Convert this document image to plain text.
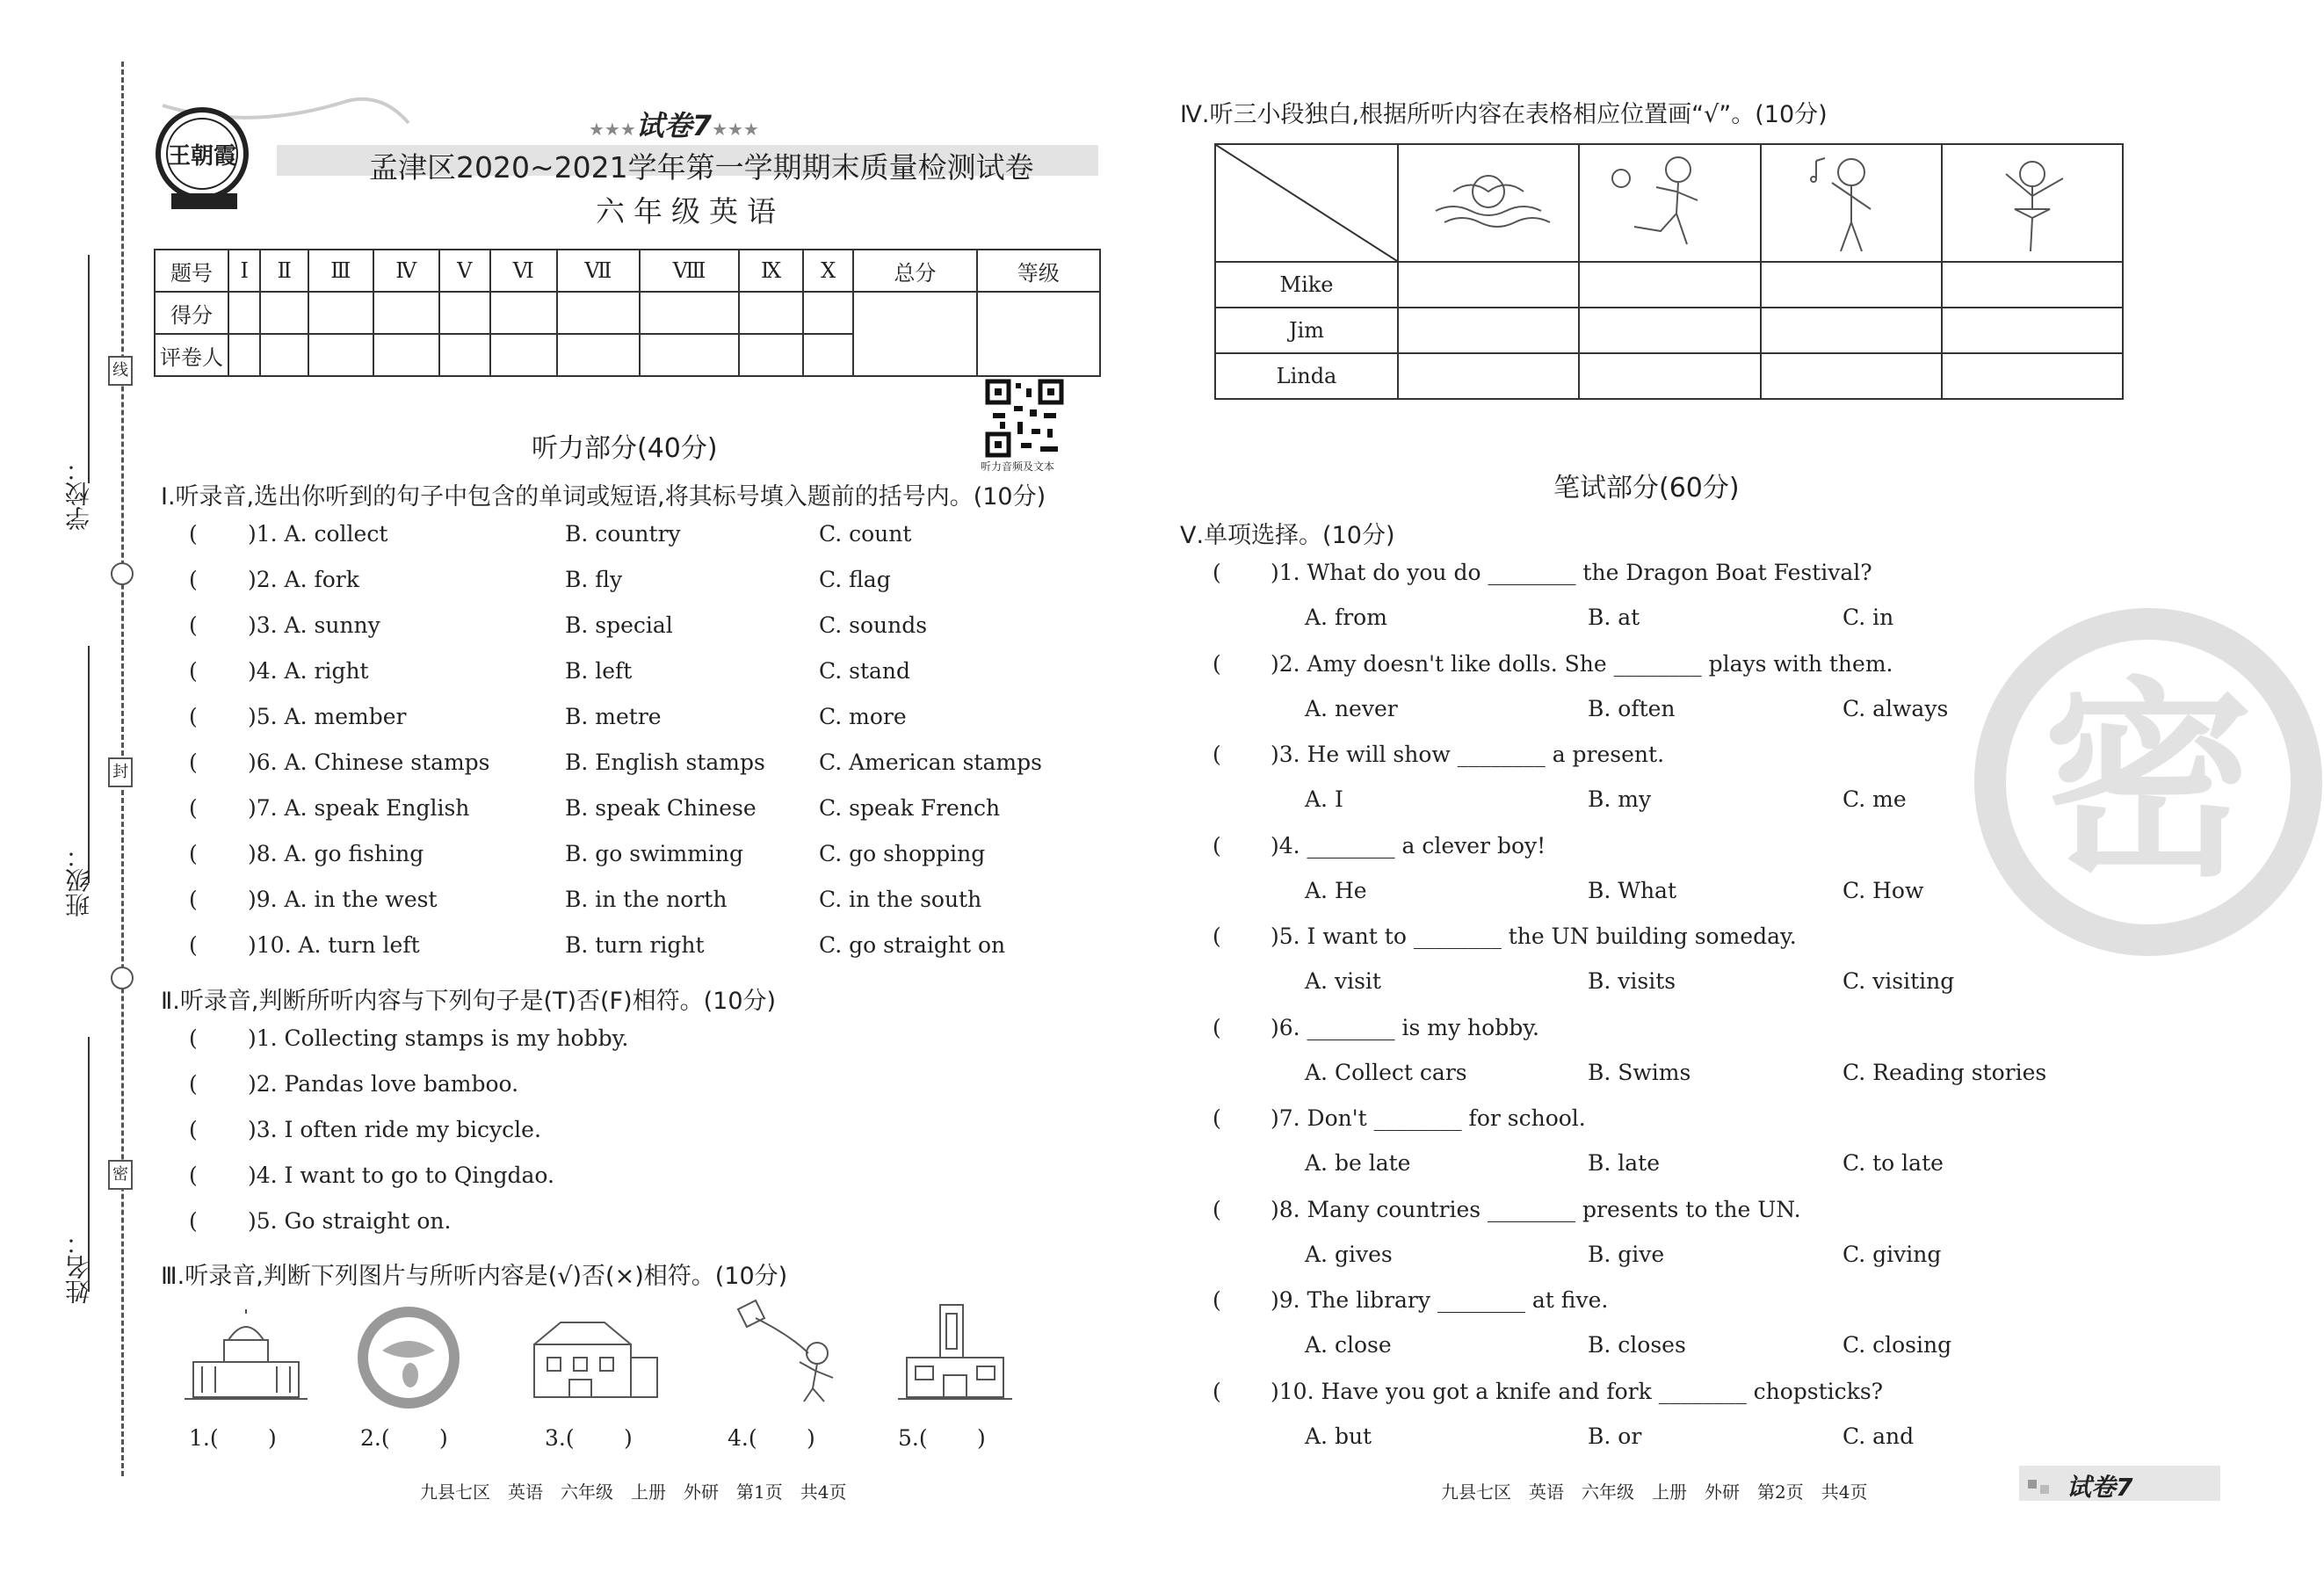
学校：
线
班级：
封
姓名：
密
王朝霞
★★★试卷7★★★
孟津区2020~2021学年第一学期期末质量检测试卷
六年级英语
题号	Ⅰ	Ⅱ	Ⅲ	Ⅳ	Ⅴ	Ⅵ	Ⅶ	Ⅷ	Ⅸ	Ⅹ	总分	等级
得分												
评卷人												
听力音频及文本
听力部分(40分)
Ⅰ.听录音,选出你听到的句子中包含的单词或短语,将其标号填入题前的括号内。(10分)
( )1. A. collect	B. country	C. count
( )2. A. fork	B. fly	C. flag
( )3. A. sunny	B. special	C. sounds
( )4. A. right	B. left	C. stand
( )5. A. member	B. metre	C. more
( )6. A. Chinese stamps	B. English stamps C. American stamps
( )7. A. speak English	B. speak Chinese	C. speak French
( )8. A. go fishing	B. go swimming	C. go shopping
( )9. A. in the west	B. in the north	C. in the south
( )10. A. turn left	B. turn right	C. go straight on
Ⅱ.听录音,判断所听内容与下列句子是(T)否(F)相符。(10分)
( )1. Collecting stamps is my hobby.
( )2. Pandas love bamboo.
( )3. I often ride my bicycle.
( )4. I want to go to Qingdao.
( )5. Go straight on.
Ⅲ.听录音,判断下列图片与所听内容是(√)否(×)相符。(10分)
1.( )	2.( )	3.( )	4.( )	5.( )
Ⅳ.听三小段独白,根据所听内容在表格相应位置画“√”。(10分)

Mike				
Jim				
Linda				
笔试部分(60分)
Ⅴ.单项选择。(10分)
( )1. What do you do ________ the Dragon Boat Festival?
A. from	B. at	C. in
( )2. Amy doesn't like dolls. She ________ plays with them.
A. never	B. often	C. always
( )3. He will show ________ a present.
A. I	B. my	C. me
( )4. ________ a clever boy!
A. He	B. What	C. How
( )5. I want to ________ the UN building someday.
A. visit	B. visits	C. visiting
( )6. ________ is my hobby.
A. Collect cars	B. Swims	C. Reading stories
( )7. Don't ________ for school.
A. be late	B. late	C. to late
( )8. Many countries ________ presents to the UN.
A. gives	B. give	C. giving
( )9. The library ________ at five.
A. close	B. closes	C. closing
( )10. Have you got a knife and fork ________ chopsticks?
A. but	B. or	C. and
密
九县七区　英语　六年级　上册　外研　第1页　共4页	九县七区　英语　六年级　上册　外研　第2页　共4页	试卷7
